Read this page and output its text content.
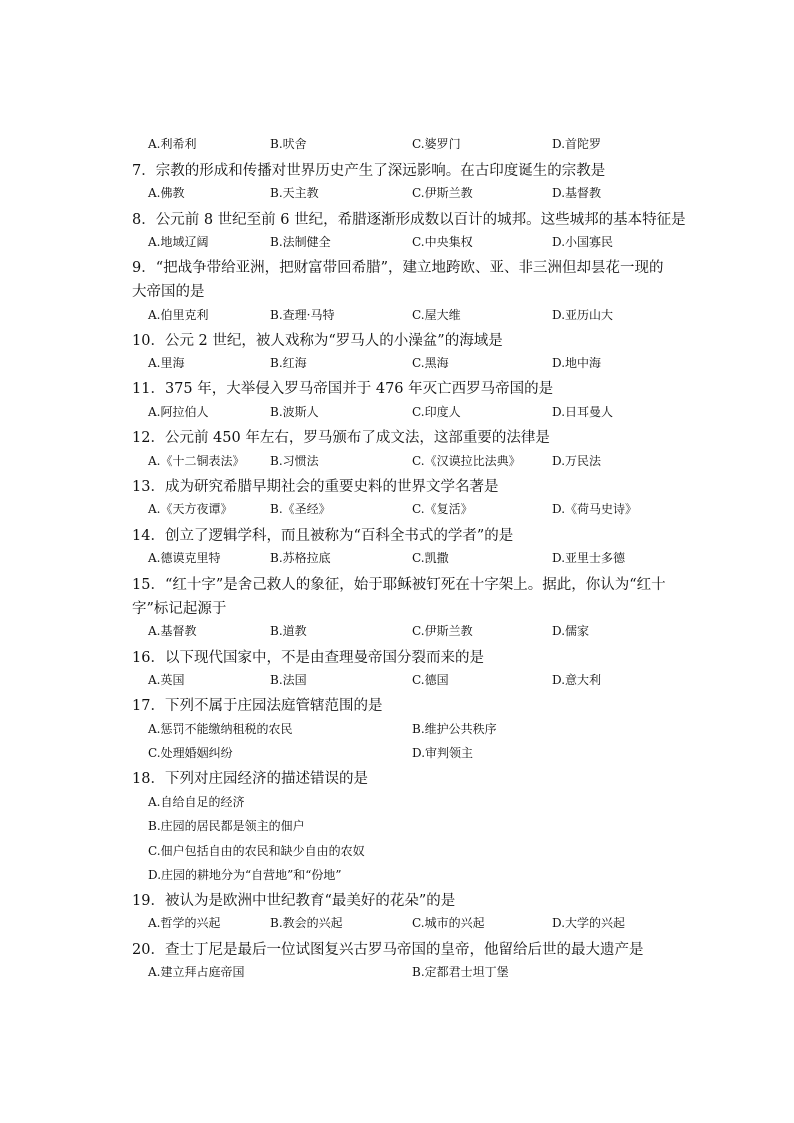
A.利希利	B.吠舍	C.婆罗门	D.首陀罗
7．宗教的形成和传播对世界历史产生了深远影响。在古印度诞生的宗教是
A.佛教	B.天主教	C.伊斯兰教	D.基督教
8．公元前 8 世纪至前 6 世纪，希腊逐渐形成数以百计的城邦。这些城邦的基本特征是
A.地域辽阔	B.法制健全	C.中央集权	D.小国寡民
9．“把战争带给亚洲，把财富带回希腊”，建立地跨欧、亚、非三洲但却昙花一现的
大帝国的是
A.伯里克利	B.查理·马特	C.屋大维	D.亚历山大
10．公元 2 世纪，被人戏称为“罗马人的小澡盆”的海域是
A.里海	B.红海	C.黑海	D.地中海
11．375 年，大举侵入罗马帝国并于 476 年灭亡西罗马帝国的是
A.阿拉伯人	B.波斯人	C.印度人	D.日耳曼人
12．公元前 450 年左右，罗马颁布了成文法，这部重要的法律是
A.《十二铜表法》 B.习惯法	C.《汉谟拉比法典》	D.万民法
13．成为研究希腊早期社会的重要史料的世界文学名著是
A.《天方夜谭》	B.《圣经》	C.《复活》	D.《荷马史诗》
14．创立了逻辑学科，而且被称为“百科全书式的学者”的是
A.德谟克里特	B.苏格拉底	C.凯撒	D.亚里士多德
15．“红十字”是舍己救人的象征，始于耶稣被钉死在十字架上。据此，你认为“红十
字”标记起源于
A.基督教	B.道教	C.伊斯兰教	D.儒家
16．以下现代国家中，不是由查理曼帝国分裂而来的是
A.英国	B.法国	C.德国	D.意大利
17．下列不属于庄园法庭管辖范围的是
A.惩罚不能缴纳租税的农民	B.维护公共秩序
C.处理婚姻纠纷	D.审判领主
18．下列对庄园经济的描述错误的是
A.自给自足的经济
B.庄园的居民都是领主的佃户
C.佃户包括自由的农民和缺少自由的农奴
D.庄园的耕地分为“自营地”和“份地”
19．被认为是欧洲中世纪教育“最美好的花朵”的是
A.哲学的兴起	B.教会的兴起	C.城市的兴起	D.大学的兴起
20．查士丁尼是最后一位试图复兴古罗马帝国的皇帝，他留给后世的最大遗产是
A.建立拜占庭帝国	B.定都君士坦丁堡
